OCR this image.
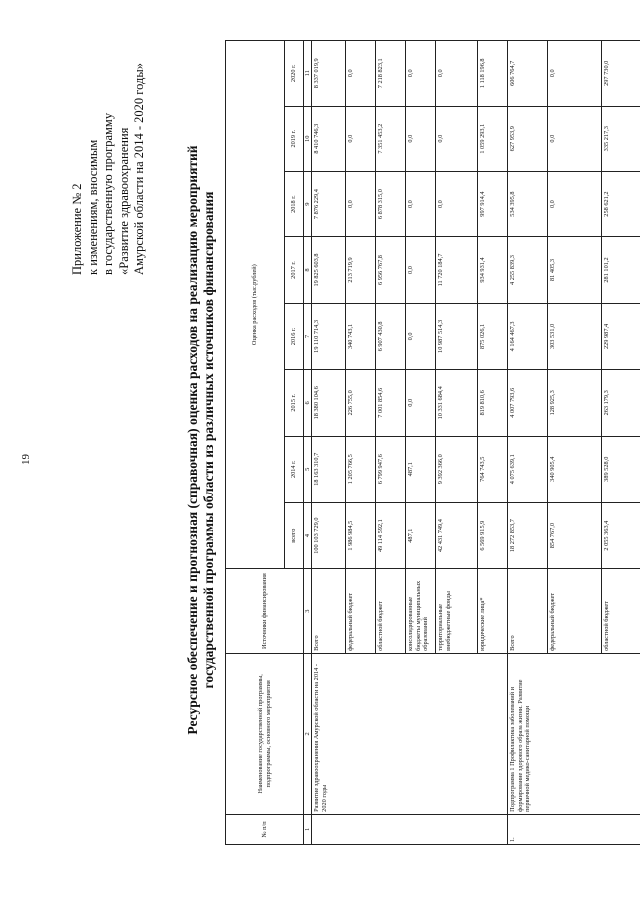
19
Приложение № 2 к изменениям, вносимым в государственную программу «Развитие здравоохранения Амурской области на 2014 - 2020 годы»	Ресурсное обеспечение и прогнозная (справочная) оценка расходов на реализацию мероприятий государственной программы области из различных источников финансирования
№ п/п	Наименование государственной программы, подпрограммы, основного мероприятия	Источники финансирования	Оценка расходов (тыс.рублей)							
			всего	2014 г.	2015 г.	2016 г.	2017 г.	2018 г.	2019 г.	2020 г.
1	2	3	4	5	6	7	8	9	10	11
	Развитие здравоохранения Амурской области на 2014 - 2020 годы	Всего	100 103 729,0	18 163 310,7	18 380 104,6	19 110 714,3	19 825 603,8	7 876 229,4	8 410 746,3	8 337 019,9
		федеральный бюджет	1 986 984,5	1 205 766,5	226 755,0	340 743,1	213 719,9	0,0	0,0	0,0
		областной бюджет	49 114 592,1	6 799 947,6	7 001 854,6	6 907 430,8	6 956 767,8	6 878 315,0	7 351 453,2	7 218 823,1
		консолидированные бюджеты муниципальных образований	487,1	487,1	0,0	0,0	0,0	0,0	0,0	0,0
		территориальные внебюджетные фонды	42 431 749,4	9 392 366,0	10 331 684,4	10 987 514,3	11 720 184,7	0,0	0,0	0,0
		юридические лица*	6 569 915,9	764 743,5	819 810,6	875 026,1	934 931,4	997 914,4	1 059 293,1	1 118 196,8
1.	Подпрограмма 1 Профилактика заболеваний и формирование здорового образа жизни. Развитие первичной медико-санитарной помощи	Всего	18 272 853,7	4 075 639,1	4 007 793,6	4 164 467,3	4 255 839,3	534 395,8	627 953,9	606 764,7
		федеральный бюджет	854 767,0	340 905,4	128 925,3	303 531,0	81 405,3	0,0	0,0	0,0
		областной бюджет	2 055 363,4	389 528,0	263 179,3	229 987,4	281 101,2	258 621,2	335 217,3	297 730,0
